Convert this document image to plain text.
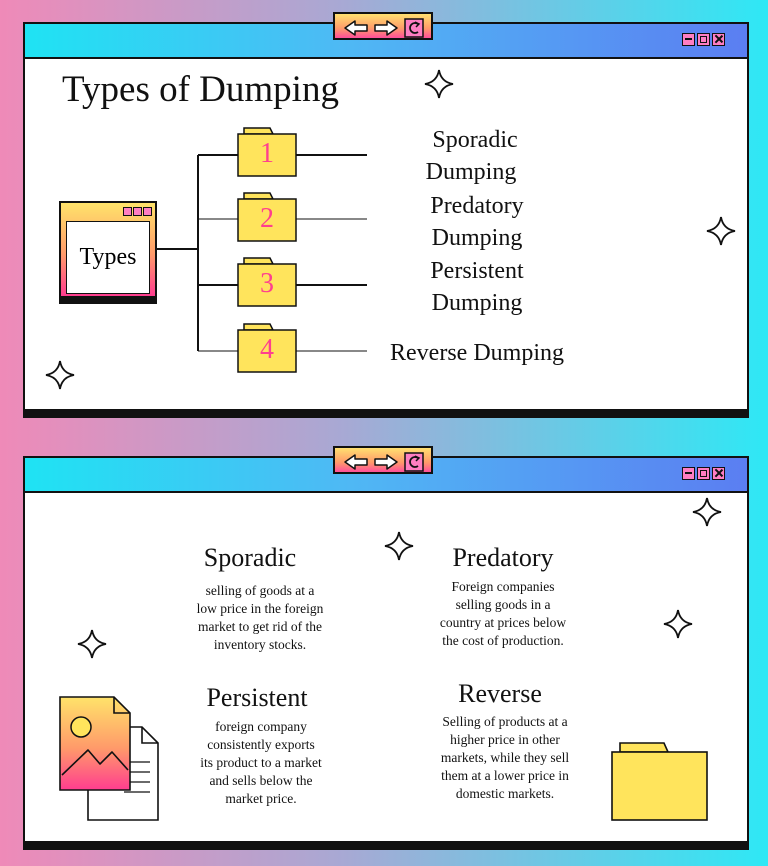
Types of Dumping
Types
1
2
3
4
Sporadic
Dumping
Predatory
Dumping
Persistent
Dumping
Reverse Dumping
Sporadic
selling of goods at a
low price in the foreign
market to get rid of the
inventory stocks.
Predatory
Foreign companies
selling goods in a
country at prices below
the cost of production.
Persistent
foreign company
consistently exports
its product to a market
and sells below the
market price.
Reverse
Selling of products at a
higher price in other
markets, while they sell
them at a lower price in
domestic markets.
